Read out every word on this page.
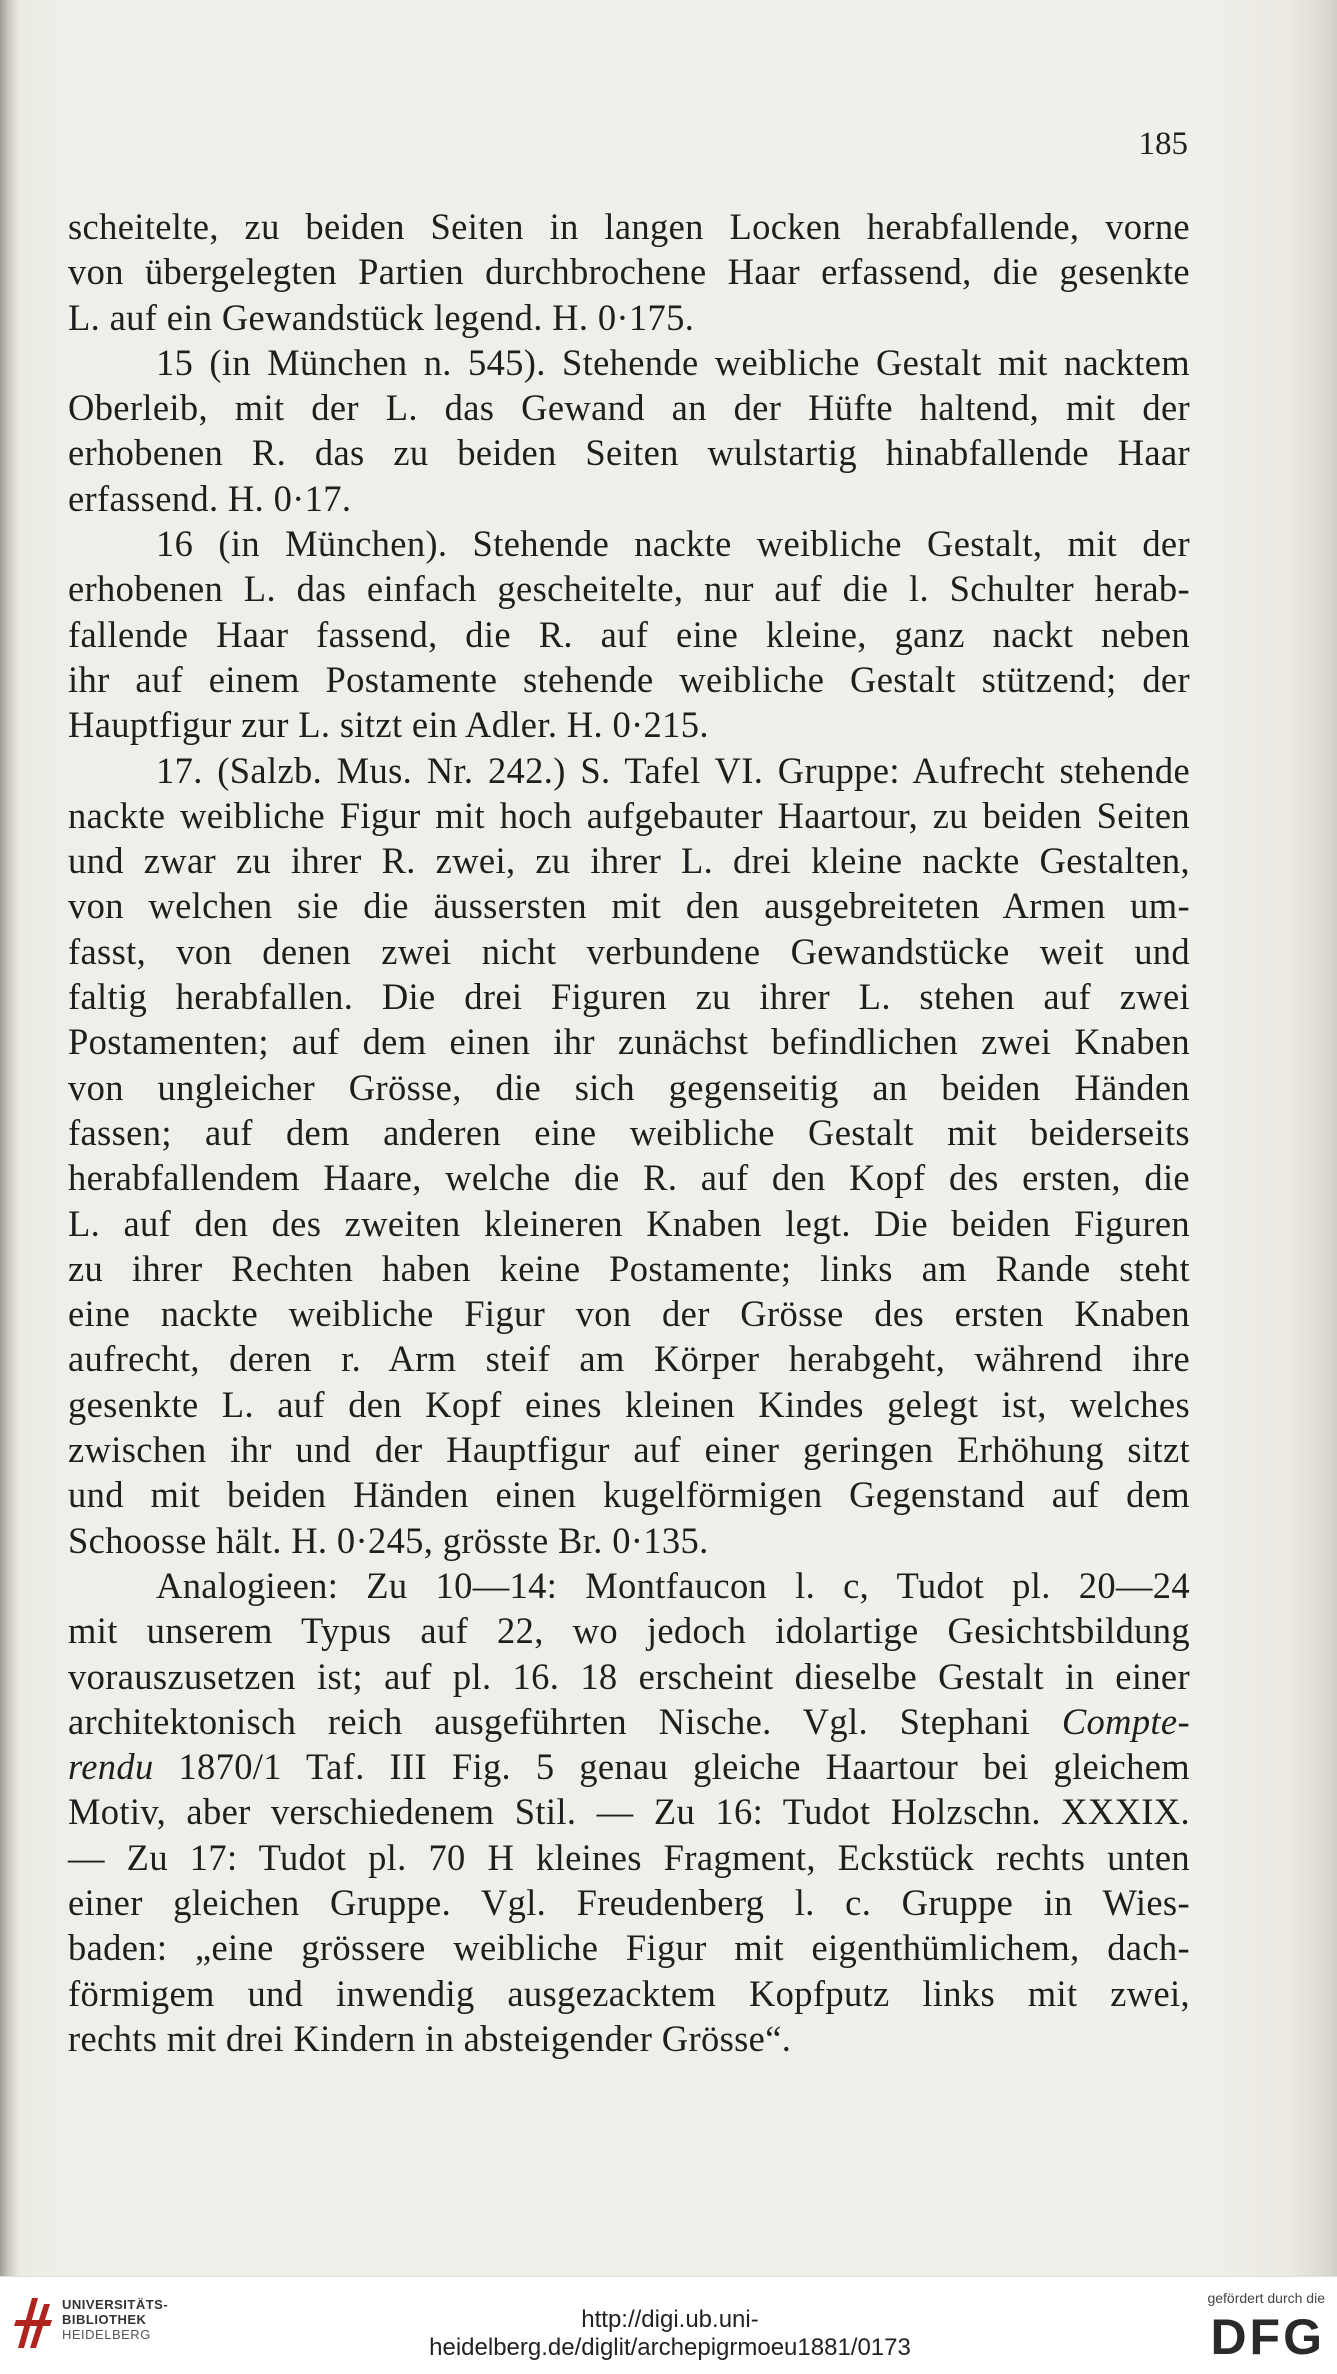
185
scheitelte, zu beiden Seiten in langen Locken herabfallende, vorne
von übergelegten Partien durchbrochene Haar erfassend, die gesenkte
L. auf ein Gewandstück legend. H. 0·175.
15 (in München n. 545). Stehende weibliche Gestalt mit nacktem
Oberleib, mit der L. das Gewand an der Hüfte haltend, mit der
erhobenen R. das zu beiden Seiten wulstartig hinabfallende Haar
erfassend. H. 0·17.
16 (in München). Stehende nackte weibliche Gestalt, mit der
erhobenen L. das einfach gescheitelte, nur auf die l. Schulter herab-
fallende Haar fassend, die R. auf eine kleine, ganz nackt neben
ihr auf einem Postamente stehende weibliche Gestalt stützend; der
Hauptfigur zur L. sitzt ein Adler. H. 0·215.
17. (Salzb. Mus. Nr. 242.) S. Tafel VI. Gruppe: Aufrecht stehende
nackte weibliche Figur mit hoch aufgebauter Haartour, zu beiden Seiten
und zwar zu ihrer R. zwei, zu ihrer L. drei kleine nackte Gestalten,
von welchen sie die äussersten mit den ausgebreiteten Armen um-
fasst, von denen zwei nicht verbundene Gewandstücke weit und
faltig herabfallen. Die drei Figuren zu ihrer L. stehen auf zwei
Postamenten; auf dem einen ihr zunächst befindlichen zwei Knaben
von ungleicher Grösse, die sich gegenseitig an beiden Händen
fassen; auf dem anderen eine weibliche Gestalt mit beiderseits
herabfallendem Haare, welche die R. auf den Kopf des ersten, die
L. auf den des zweiten kleineren Knaben legt. Die beiden Figuren
zu ihrer Rechten haben keine Postamente; links am Rande steht
eine nackte weibliche Figur von der Grösse des ersten Knaben
aufrecht, deren r. Arm steif am Körper herabgeht, während ihre
gesenkte L. auf den Kopf eines kleinen Kindes gelegt ist, welches
zwischen ihr und der Hauptfigur auf einer geringen Erhöhung sitzt
und mit beiden Händen einen kugelförmigen Gegenstand auf dem
Schoosse hält. H. 0·245, grösste Br. 0·135.
Analogieen: Zu 10—14: Montfaucon l. c, Tudot pl. 20—24
mit unserem Typus auf 22, wo jedoch idolartige Gesichtsbildung
vorauszusetzen ist; auf pl. 16. 18 erscheint dieselbe Gestalt in einer
architektonisch reich ausgeführten Nische. Vgl. Stephani Compte-
rendu 1870/1 Taf. III Fig. 5 genau gleiche Haartour bei gleichem
Motiv, aber verschiedenem Stil. — Zu 16: Tudot Holzschn. XXXIX.
— Zu 17: Tudot pl. 70 H kleines Fragment, Eckstück rechts unten
einer gleichen Gruppe. Vgl. Freudenberg l. c. Gruppe in Wies-
baden: „eine grössere weibliche Figur mit eigenthümlichem, dach-
förmigem und inwendig ausgezacktem Kopfputz links mit zwei,
rechts mit drei Kindern in absteigender Grösse“.
UNIVERSITÄTS-
BIBLIOTHEK
HEIDELBERG
http://digi.ub.uni-heidelberg.de/diglit/archepigrmoeu1881/0173
gefördert durch die
DFG
